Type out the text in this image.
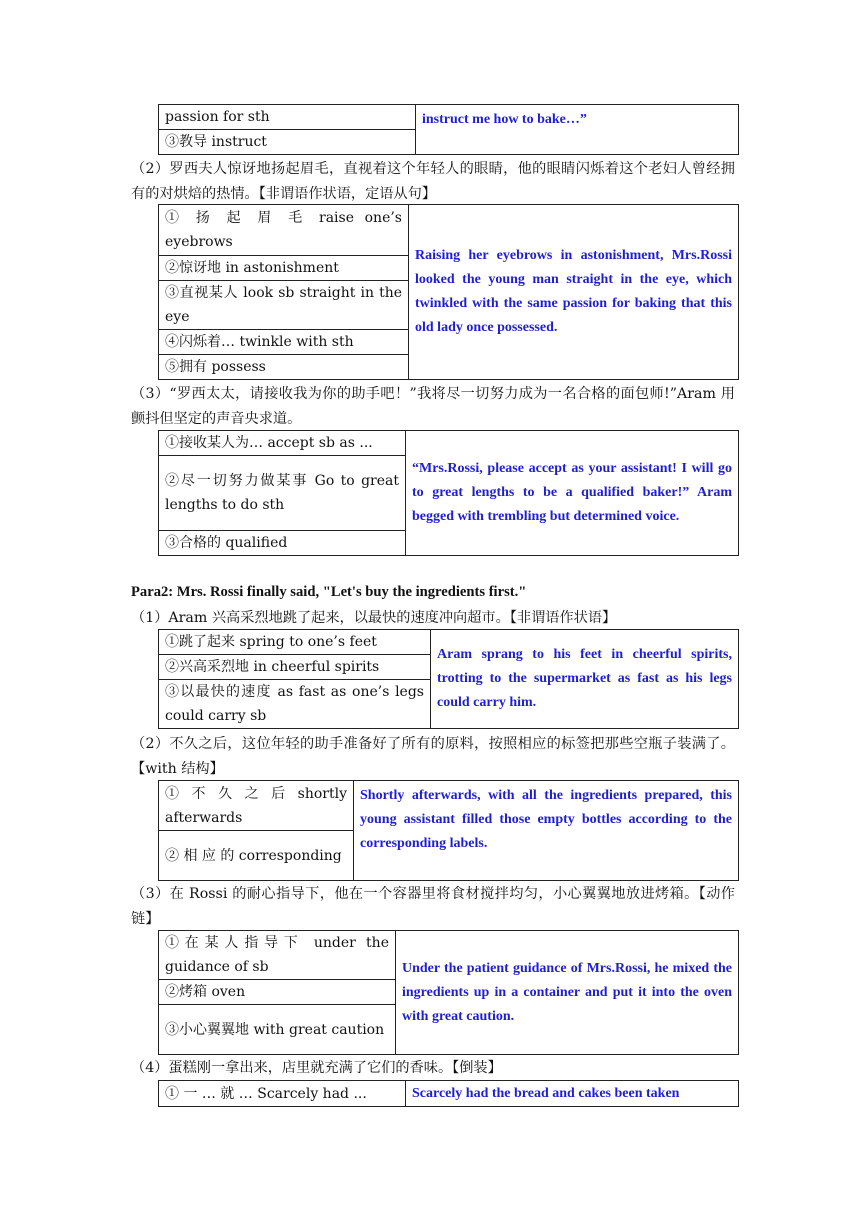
passion for sth	instruct me how to bake…”
③教导 instruct
（2）罗西夫人惊讶地扬起眉毛，直视着这个年轻人的眼睛，他的眼睛闪烁着这个老妇人曾经拥有的对烘焙的热情。【非谓语作状语，定语从句】
① 扬 起 眉 毛 raise one’s eyebrows	Raising her eyebrows in astonishment, Mrs.Rossi looked the young man straight in the eye, which twinkled with the same passion for baking that this old lady once possessed.
②惊讶地 in astonishment
③直视某人 look sb straight in the eye
④闪烁着… twinkle with sth
⑤拥有 possess
（3）“罗西太太，请接收我为你的助手吧！”我将尽一切努力成为一名合格的面包师!”Aram 用颤抖但坚定的声音央求道。
①接收某人为… accept sb as ...	“Mrs.Rossi, please accept as your assistant! I will go to great lengths to be a qualified baker!” Aram begged with trembling but determined voice.
②尽一切努力做某事 Go to great lengths to do sth
③合格的 qualified
Para2: Mrs. Rossi finally said, "Let's buy the ingredients first."
（1）Aram 兴高采烈地跳了起来，以最快的速度冲向超市。【非谓语作状语】
①跳了起来 spring to one’s feet	Aram sprang to his feet in cheerful spirits, trotting to the supermarket as fast as his legs could carry him.
②兴高采烈地 in cheerful spirits
③以最快的速度 as fast as one’s legs could carry sb
（2）不久之后，这位年轻的助手准备好了所有的原料，按照相应的标签把那些空瓶子装满了。【with 结构】
① 不 久 之 后 shortly afterwards	Shortly afterwards, with all the ingredients prepared, this young assistant filled those empty bottles according to the corresponding labels.
② 相 应 的 corresponding
（3）在 Rossi 的耐心指导下，他在一个容器里将食材搅拌均匀，小心翼翼地放进烤箱。【动作链】
①在某人指导下 under the guidance of sb	Under the patient guidance of Mrs.Rossi, he mixed the ingredients up in a container and put it into the oven with great caution.
②烤箱 oven
③小心翼翼地 with great caution
（4）蛋糕刚一拿出来，店里就充满了它们的香味。【倒装】
① 一 … 就 … Scarcely had ...	Scarcely had the bread and cakes been taken
